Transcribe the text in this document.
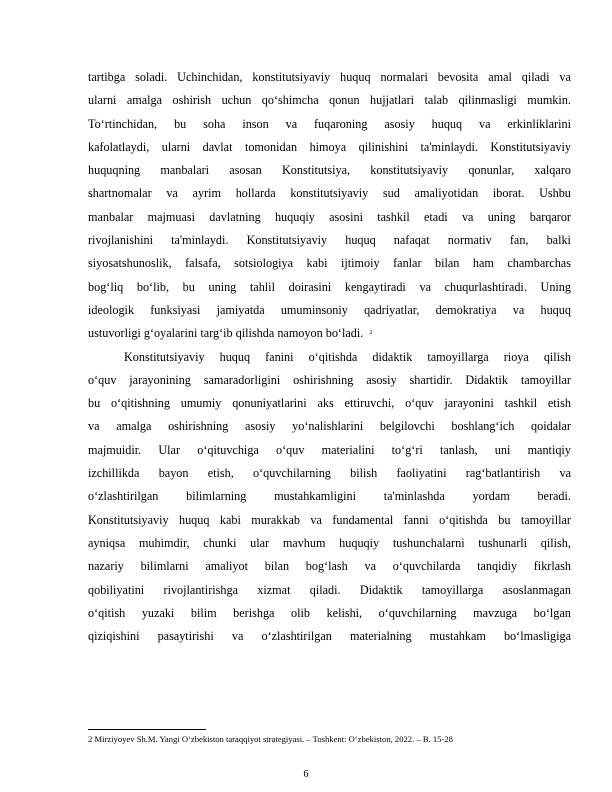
tartibga soladi. Uchinchidan, konstitutsiyaviy huquq normalari bevosita amal qiladi va
ularni amalga oshirish uchun qo‘shimcha qonun hujjatlari talab qilinmasligi mumkin.
To‘rtinchidan, bu soha inson va fuqaroning asosiy huquq va erkinliklarini
kafolatlaydi, ularni davlat tomonidan himoya qilinishini ta'minlaydi. Konstitutsiyaviy
huquqning manbalari asosan Konstitutsiya, konstitutsiyaviy qonunlar, xalqaro
shartnomalar va ayrim hollarda konstitutsiyaviy sud amaliyotidan iborat. Ushbu
manbalar majmuasi davlatning huquqiy asosini tashkil etadi va uning barqaror
rivojlanishini ta'minlaydi. Konstitutsiyaviy huquq nafaqat normativ fan, balki
siyosatshunoslik, falsafa, sotsiologiya kabi ijtimoiy fanlar bilan ham chambarchas
bog‘liq bo‘lib, bu uning tahlil doirasini kengaytiradi va chuqurlashtiradi. Uning
ideologik funksiyasi jamiyatda umuminsoniy qadriyatlar, demokratiya va huquq
ustuvorligi g‘oyalarini targ‘ib qilishda namoyon bo‘ladi. 2
Konstitutsiyaviy huquq fanini o‘qitishda didaktik tamoyillarga rioya qilish
o‘quv jarayonining samaradorligini oshirishning asosiy shartidir. Didaktik tamoyillar
bu o‘qitishning umumiy qonuniyatlarini aks ettiruvchi, o‘quv jarayonini tashkil etish
va amalga oshirishning asosiy yo‘nalishlarini belgilovchi boshlang‘ich qoidalar
majmuidir. Ular o‘qituvchiga o‘quv materialini to‘g‘ri tanlash, uni mantiqiy
izchillikda bayon etish, o‘quvchilarning bilish faoliyatini rag‘batlantirish va
o‘zlashtirilgan bilimlarning mustahkamligini ta'minlashda yordam beradi.
Konstitutsiyaviy huquq kabi murakkab va fundamental fanni o‘qitishda bu tamoyillar
ayniqsa muhimdir, chunki ular mavhum huquqiy tushunchalarni tushunarli qilish,
nazariy bilimlarni amaliyot bilan bog‘lash va o‘quvchilarda tanqidiy fikrlash
qobiliyatini rivojlantirishga xizmat qiladi. Didaktik tamoyillarga asoslanmagan
o‘qitish yuzaki bilim berishga olib kelishi, o‘quvchilarning mavzuga bo‘lgan
qiziqishini pasaytirishi va o‘zlashtirilgan materialning mustahkam bo‘lmasligiga
2 Mirziyoyev Sh.M. Yangi O‘zbekiston taraqqiyot strategiyasi. – Toshkent: O‘zbekiston, 2022. – B. 15-28
6
